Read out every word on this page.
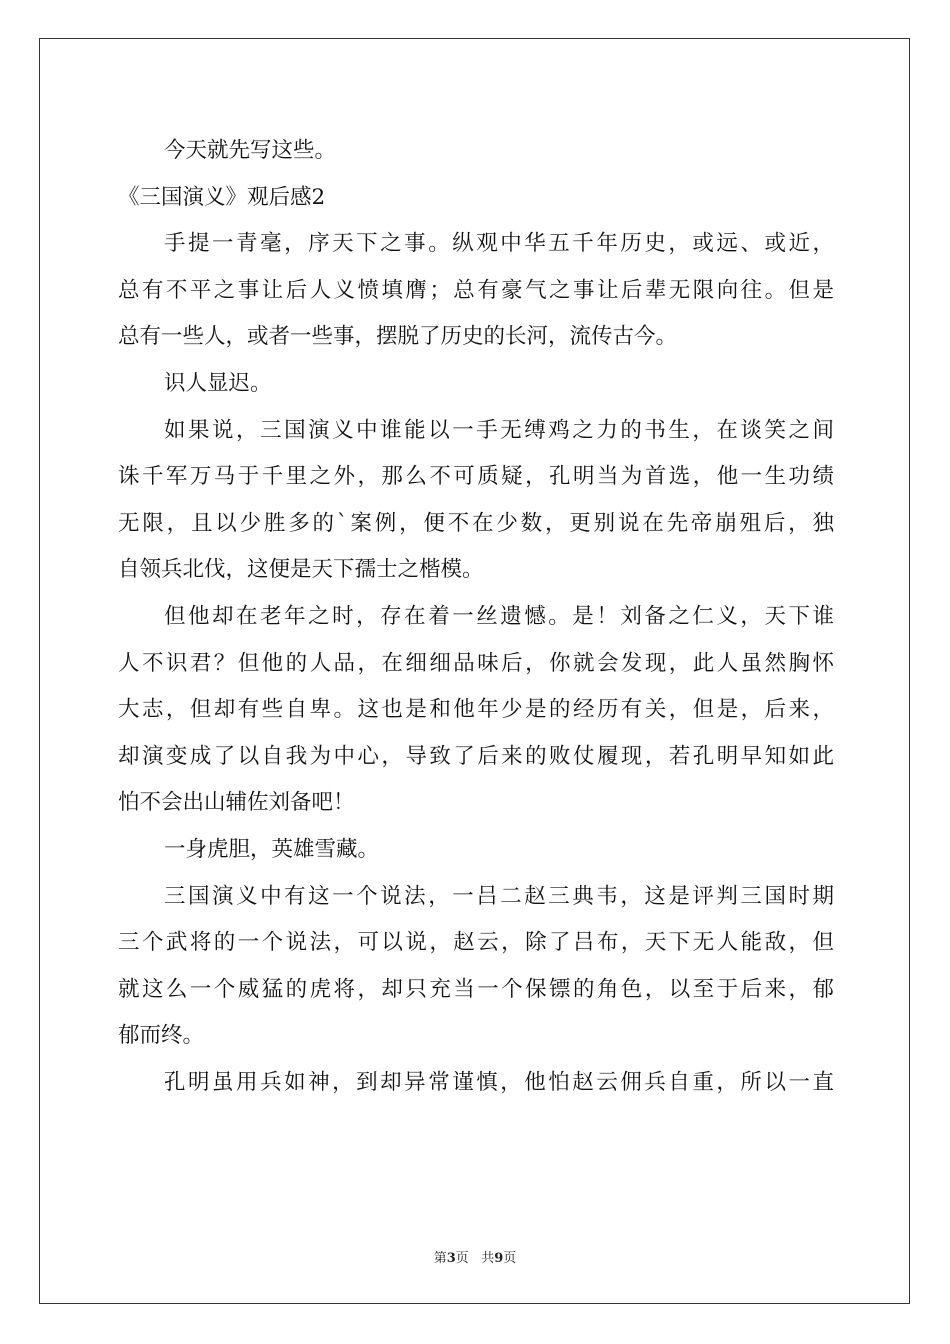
今天就先写这些。
《三国演义》观后感2
手提一青毫，序天下之事。纵观中华五千年历史，或远、或近，
总有不平之事让后人义愤填膺；总有豪气之事让后辈无限向往。但是
总有一些人，或者一些事，摆脱了历史的长河，流传古今。
识人显迟。
如果说，三国演义中谁能以一手无缚鸡之力的书生，在谈笑之间
诛千军万马于千里之外，那么不可质疑，孔明当为首选，他一生功绩
无限，且以少胜多的`案例，便不在少数，更别说在先帝崩殂后，独
自领兵北伐，这便是天下孺士之楷模。
但他却在老年之时，存在着一丝遗憾。是！刘备之仁义，天下谁
人不识君？但他的人品，在细细品味后，你就会发现，此人虽然胸怀
大志，但却有些自卑。这也是和他年少是的经历有关，但是，后来，
却演变成了以自我为中心，导致了后来的败仗履现，若孔明早知如此
怕不会出山辅佐刘备吧！
一身虎胆，英雄雪藏。
三国演义中有这一个说法，一吕二赵三典韦，这是评判三国时期
三个武将的一个说法，可以说，赵云，除了吕布，天下无人能敌，但
就这么一个威猛的虎将，却只充当一个保镖的角色，以至于后来，郁
郁而终。
孔明虽用兵如神，到却异常谨慎，他怕赵云佣兵自重，所以一直
第3页 共9页
